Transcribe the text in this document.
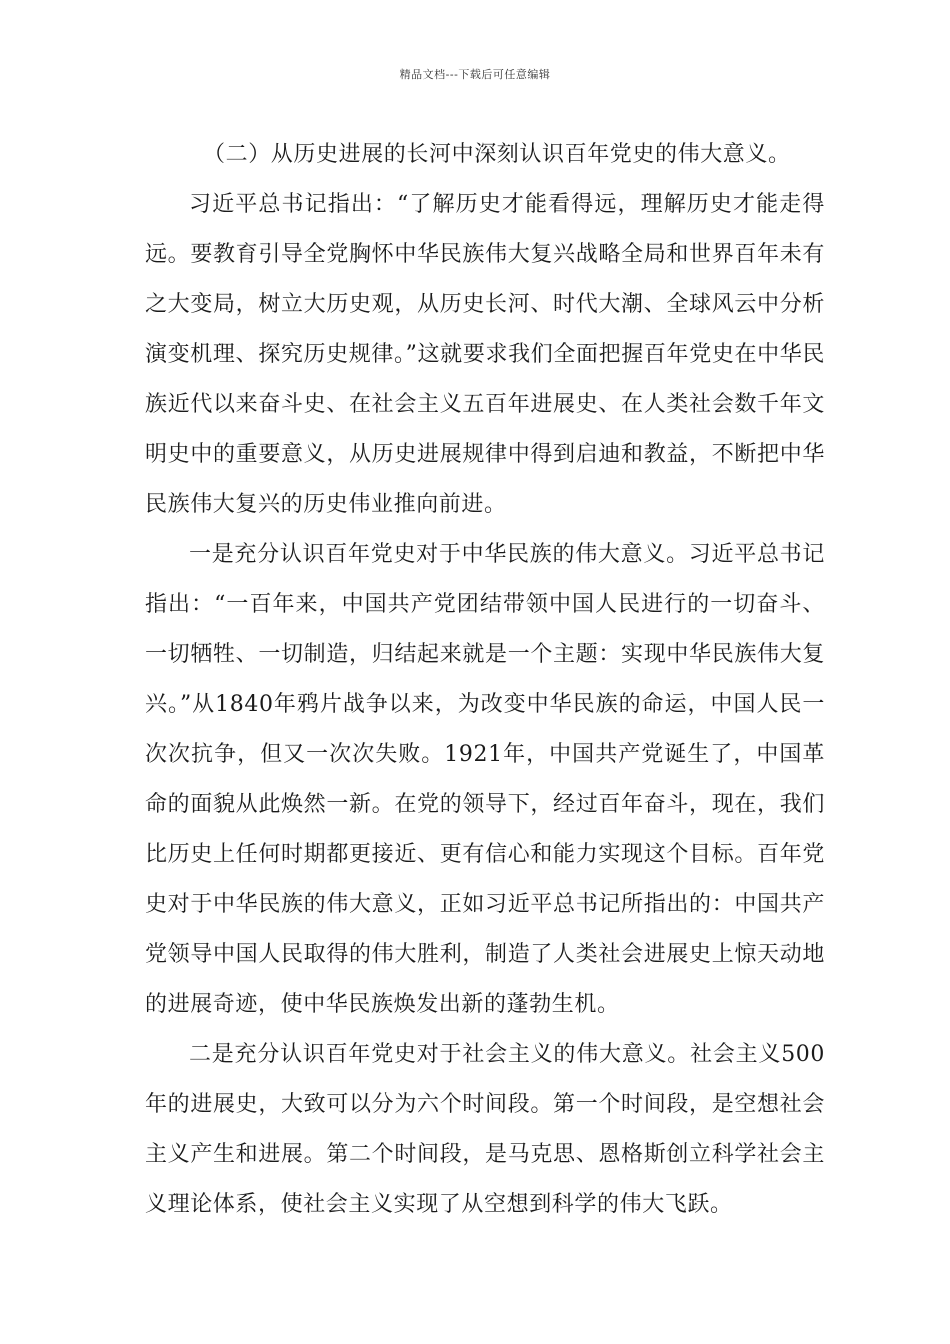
精品文档---下载后可任意编辑

（二）从历史进展的长河中深刻认识百年党史的伟大意义。

习近平总书记指出：“了解历史才能看得远，理解历史才能走得远。要教育引导全党胸怀中华民族伟大复兴战略全局和世界百年未有之大变局，树立大历史观，从历史长河、时代大潮、全球风云中分析演变机理、探究历史规律。”这就要求我们全面把握百年党史在中华民族近代以来奋斗史、在社会主义五百年进展史、在人类社会数千年文明史中的重要意义，从历史进展规律中得到启迪和教益，不断把中华民族伟大复兴的历史伟业推向前进。

一是充分认识百年党史对于中华民族的伟大意义。习近平总书记指出：“一百年来，中国共产党团结带领中国人民进行的一切奋斗、一切牺牲、一切制造，归结起来就是一个主题：实现中华民族伟大复兴。”从1840年鸦片战争以来，为改变中华民族的命运，中国人民一次次抗争，但又一次次失败。1921年，中国共产党诞生了，中国革命的面貌从此焕然一新。在党的领导下，经过百年奋斗，现在，我们比历史上任何时期都更接近、更有信心和能力实现这个目标。百年党史对于中华民族的伟大意义，正如习近平总书记所指出的：中国共产党领导中国人民取得的伟大胜利，制造了人类社会进展史上惊天动地的进展奇迹，使中华民族焕发出新的蓬勃生机。

二是充分认识百年党史对于社会主义的伟大意义。社会主义500年的进展史，大致可以分为六个时间段。第一个时间段，是空想社会主义产生和进展。第二个时间段，是马克思、恩格斯创立科学社会主义理论体系，使社会主义实现了从空想到科学的伟大飞跃。
